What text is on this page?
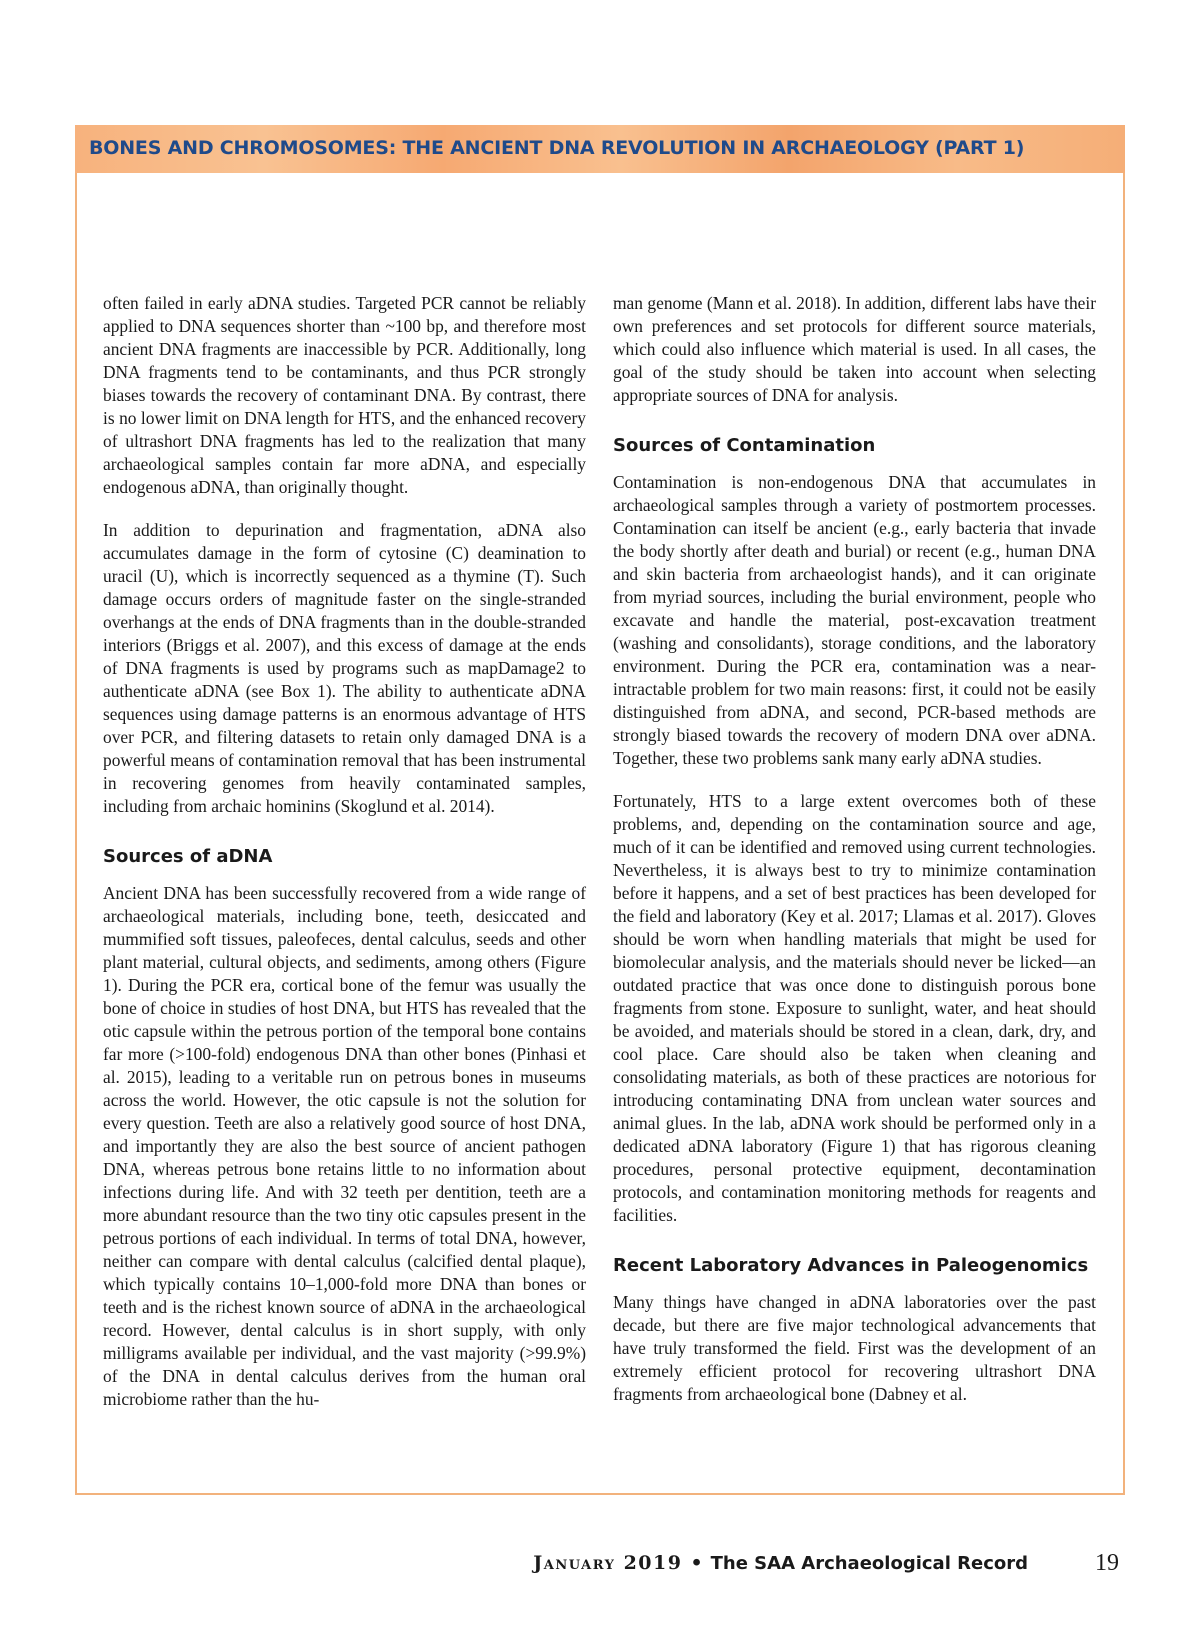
BONES AND CHROMOSOMES: THE ANCIENT DNA REVOLUTION IN ARCHAEOLOGY (PART 1)

often failed in early aDNA studies. Targeted PCR cannot be reliably applied to DNA sequences shorter than ~100 bp, and therefore most ancient DNA fragments are inaccessible by PCR. Additionally, long DNA fragments tend to be contaminants, and thus PCR strongly biases towards the recovery of contaminant DNA. By contrast, there is no lower limit on DNA length for HTS, and the enhanced recovery of ultrashort DNA fragments has led to the realization that many archaeological samples contain far more aDNA, and especially endogenous aDNA, than originally thought.

In addition to depurination and fragmentation, aDNA also accumulates damage in the form of cytosine (C) deamination to uracil (U), which is incorrectly sequenced as a thymine (T). Such damage occurs orders of magnitude faster on the single-stranded overhangs at the ends of DNA fragments than in the double-stranded interiors (Briggs et al. 2007), and this excess of damage at the ends of DNA fragments is used by programs such as mapDamage2 to authenticate aDNA (see Box 1). The ability to authenticate aDNA sequences using damage patterns is an enormous advantage of HTS over PCR, and filtering datasets to retain only damaged DNA is a powerful means of contamination removal that has been instrumental in recovering genomes from heavily contaminated samples, including from archaic hominins (Skoglund et al. 2014).

Sources of aDNA

Ancient DNA has been successfully recovered from a wide range of archaeological materials, including bone, teeth, desiccated and mummified soft tissues, paleofeces, dental calculus, seeds and other plant material, cultural objects, and sediments, among others (Figure 1). During the PCR era, cortical bone of the femur was usually the bone of choice in studies of host DNA, but HTS has revealed that the otic capsule within the petrous portion of the temporal bone contains far more (>100-fold) endogenous DNA than other bones (Pinhasi et al. 2015), leading to a veritable run on petrous bones in museums across the world. However, the otic capsule is not the solution for every question. Teeth are also a relatively good source of host DNA, and importantly they are also the best source of ancient pathogen DNA, whereas petrous bone retains little to no information about infections during life. And with 32 teeth per dentition, teeth are a more abundant resource than the two tiny otic capsules present in the petrous portions of each individual. In terms of total DNA, however, neither can compare with dental calculus (calcified dental plaque), which typically contains 10–1,000-fold more DNA than bones or teeth and is the richest known source of aDNA in the archaeological record. However, dental calculus is in short supply, with only milligrams available per individual, and the vast majority (>99.9%) of the DNA in dental calculus derives from the human oral microbiome rather than the hu-

man genome (Mann et al. 2018). In addition, different labs have their own preferences and set protocols for different source materials, which could also influence which material is used. In all cases, the goal of the study should be taken into account when selecting appropriate sources of DNA for analysis.

Sources of Contamination

Contamination is non-endogenous DNA that accumulates in archaeological samples through a variety of postmortem processes. Contamination can itself be ancient (e.g., early bacteria that invade the body shortly after death and burial) or recent (e.g., human DNA and skin bacteria from archaeologist hands), and it can originate from myriad sources, including the burial environment, people who excavate and handle the material, post-excavation treatment (washing and consolidants), storage conditions, and the laboratory environment. During the PCR era, contamination was a near-intractable problem for two main reasons: first, it could not be easily distinguished from aDNA, and second, PCR-based methods are strongly biased towards the recovery of modern DNA over aDNA. Together, these two problems sank many early aDNA studies.

Fortunately, HTS to a large extent overcomes both of these problems, and, depending on the contamination source and age, much of it can be identified and removed using current technologies. Nevertheless, it is always best to try to minimize contamination before it happens, and a set of best practices has been developed for the field and laboratory (Key et al. 2017; Llamas et al. 2017). Gloves should be worn when handling materials that might be used for biomolecular analysis, and the materials should never be licked—an outdated practice that was once done to distinguish porous bone fragments from stone. Exposure to sunlight, water, and heat should be avoided, and materials should be stored in a clean, dark, dry, and cool place. Care should also be taken when cleaning and consolidating materials, as both of these practices are notorious for introducing contaminating DNA from unclean water sources and animal glues. In the lab, aDNA work should be performed only in a dedicated aDNA laboratory (Figure 1) that has rigorous cleaning procedures, personal protective equipment, decontamination protocols, and contamination monitoring methods for reagents and facilities.

Recent Laboratory Advances in Paleogenomics

Many things have changed in aDNA laboratories over the past decade, but there are five major technological advancements that have truly transformed the field. First was the development of an extremely efficient protocol for recovering ultrashort DNA fragments from archaeological bone (Dabney et al.

January 2019 • The SAA Archaeological Record	19
